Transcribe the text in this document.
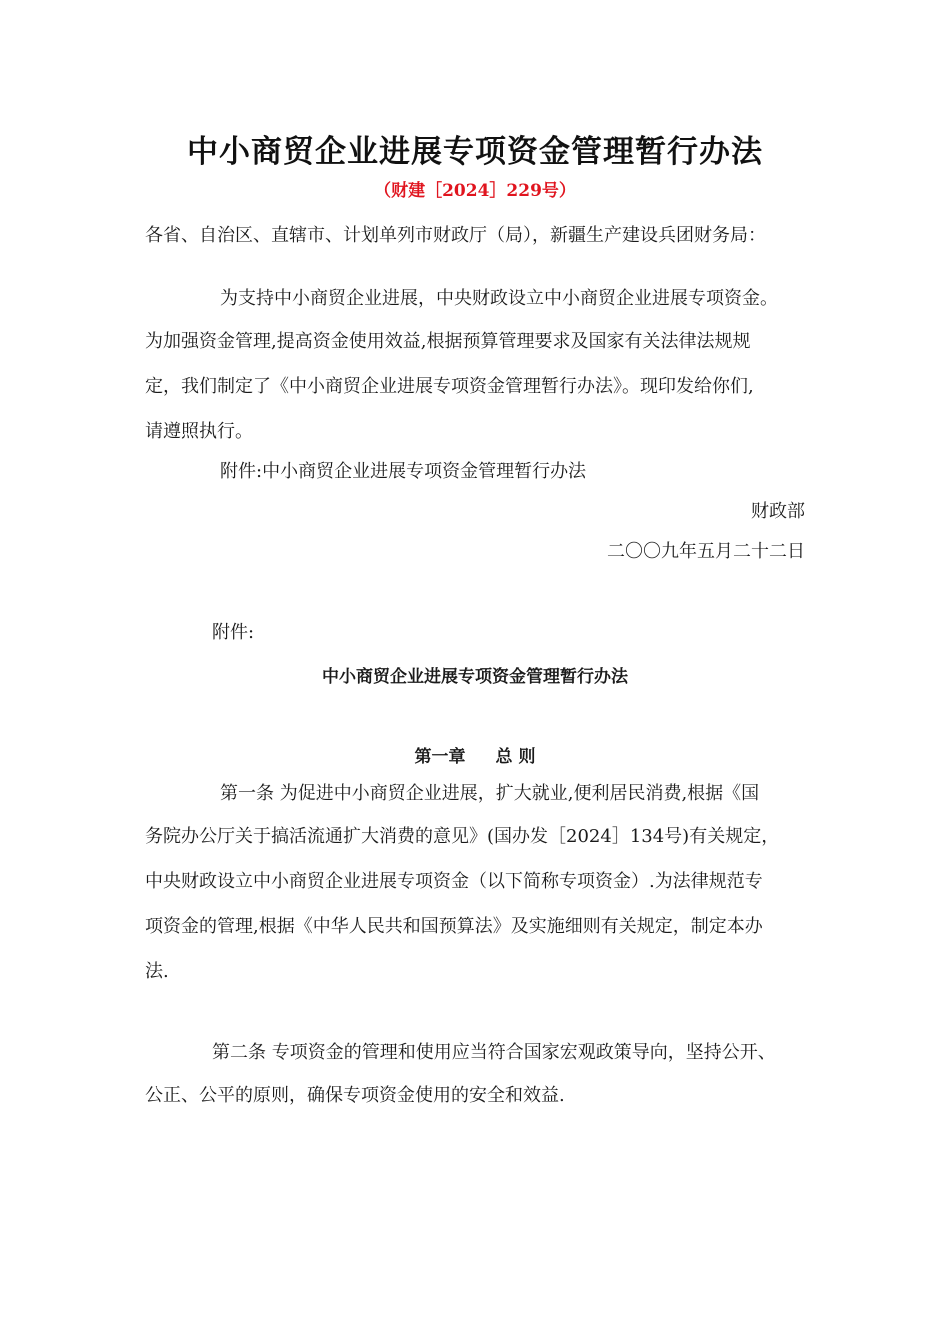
中小商贸企业进展专项资金管理暂行办法
（财建［2024］229号）
各省、自治区、直辖市、计划单列市财政厅（局），新疆生产建设兵团财务局：
为支持中小商贸企业进展，中央财政设立中小商贸企业进展专项资金。
为加强资金管理,提高资金使用效益,根据预算管理要求及国家有关法律法规规
定，我们制定了《中小商贸企业进展专项资金管理暂行办法》。现印发给你们,
请遵照执行。
附件:中小商贸企业进展专项资金管理暂行办法
财政部
二〇〇九年五月二十二日
附件:
中小商贸企业进展专项资金管理暂行办法
第一章 总 则
第一条 为促进中小商贸企业进展，扩大就业,便利居民消费,根据《国
务院办公厅关于搞活流通扩大消费的意见》(国办发［2024］134号)有关规定，
中央财政设立中小商贸企业进展专项资金（以下简称专项资金）.为法律规范专
项资金的管理,根据《中华人民共和国预算法》及实施细则有关规定，制定本办
法.
第二条 专项资金的管理和使用应当符合国家宏观政策导向，坚持公开、
公正、公平的原则，确保专项资金使用的安全和效益.
